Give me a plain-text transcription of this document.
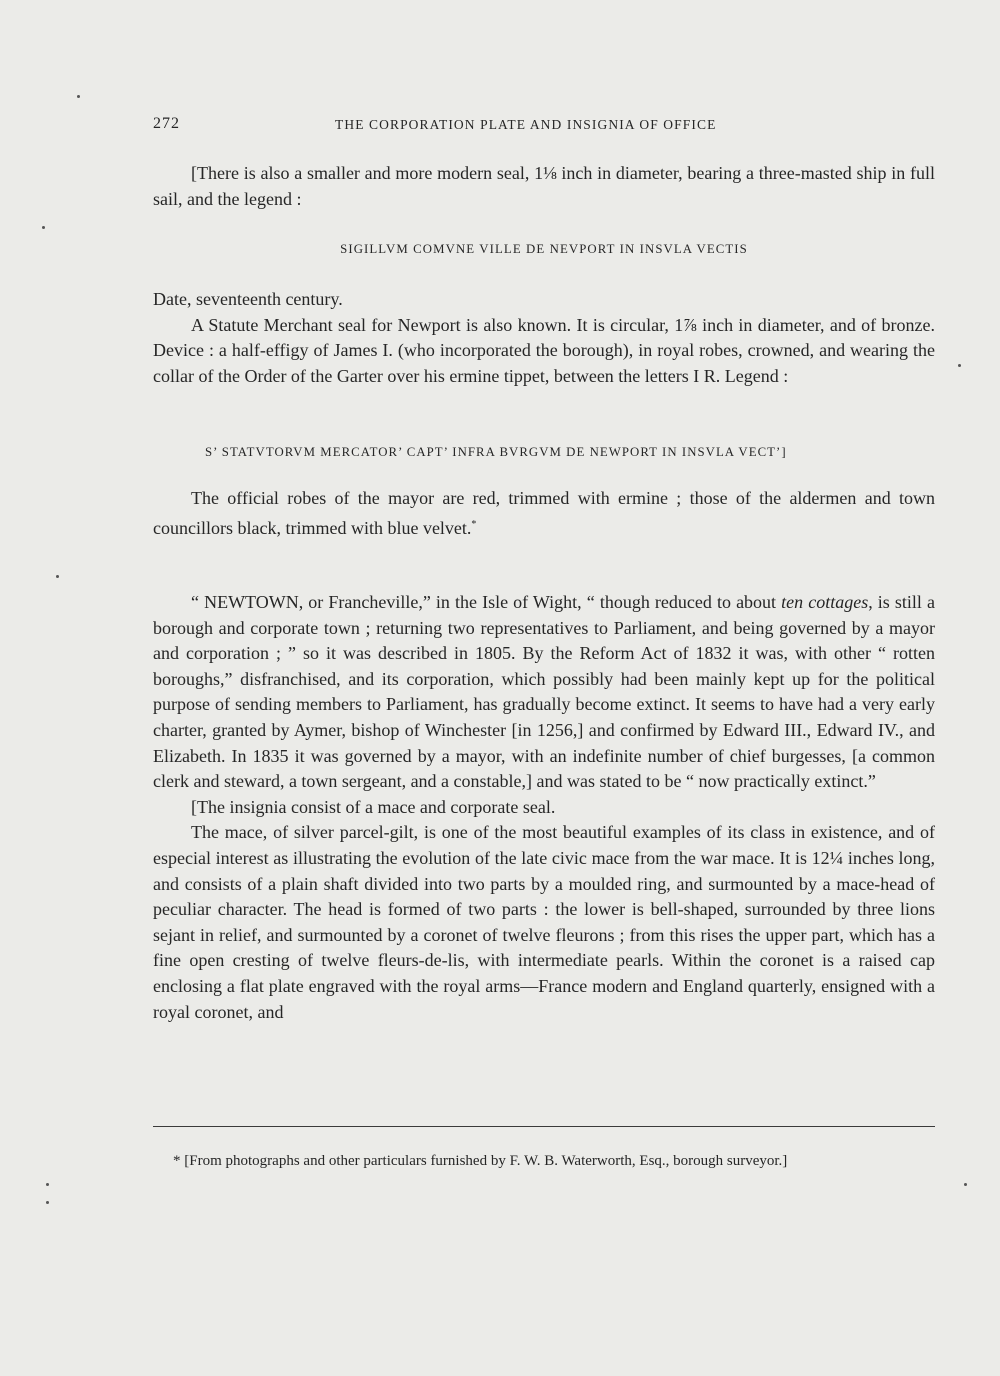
272	THE CORPORATION PLATE AND INSIGNIA OF OFFICE

[There is also a smaller and more modern seal, 1⅛ inch in diameter, bearing a three-masted ship in full sail, and the legend :

SIGILLVM COMVNE VILLE DE NEVPORT IN INSVLA VECTIS

Date, seventeenth century.

A Statute Merchant seal for Newport is also known. It is circular, 1⅞ inch in diameter, and of bronze. Device : a half-effigy of James I. (who incorporated the borough), in royal robes, crowned, and wearing the collar of the Order of the Garter over his ermine tippet, between the letters I R. Legend :

S’ STATVTORVM MERCATOR’ CAPT’ INFRA BVRGVM DE NEWPORT IN INSVLA VECT’]

The official robes of the mayor are red, trimmed with ermine ; those of the aldermen and town councillors black, trimmed with blue velvet.*

“ NEWTOWN, or Francheville,” in the Isle of Wight, “ though reduced to about ten cottages, is still a borough and corporate town ; returning two representatives to Parliament, and being governed by a mayor and corporation ; ” so it was described in 1805. By the Reform Act of 1832 it was, with other “ rotten boroughs,” disfranchised, and its corporation, which possibly had been mainly kept up for the political purpose of sending members to Parliament, has gradually become extinct. It seems to have had a very early charter, granted by Aymer, bishop of Winchester [in 1256,] and confirmed by Edward III., Edward IV., and Elizabeth. In 1835 it was governed by a mayor, with an indefinite number of chief burgesses, [a common clerk and steward, a town sergeant, and a constable,] and was stated to be “ now practically extinct.”

[The insignia consist of a mace and corporate seal.

The mace, of silver parcel-gilt, is one of the most beautiful examples of its class in existence, and of especial interest as illustrating the evolution of the late civic mace from the war mace. It is 12¼ inches long, and consists of a plain shaft divided into two parts by a moulded ring, and surmounted by a mace-head of peculiar character. The head is formed of two parts : the lower is bell-shaped, surrounded by three lions sejant in relief, and surmounted by a coronet of twelve fleurons ; from this rises the upper part, which has a fine open cresting of twelve fleurs-de-lis, with intermediate pearls. Within the coronet is a raised cap enclosing a flat plate engraved with the royal arms—France modern and England quarterly, ensigned with a royal coronet, and

* [From photographs and other particulars furnished by F. W. B. Waterworth, Esq., borough surveyor.]
